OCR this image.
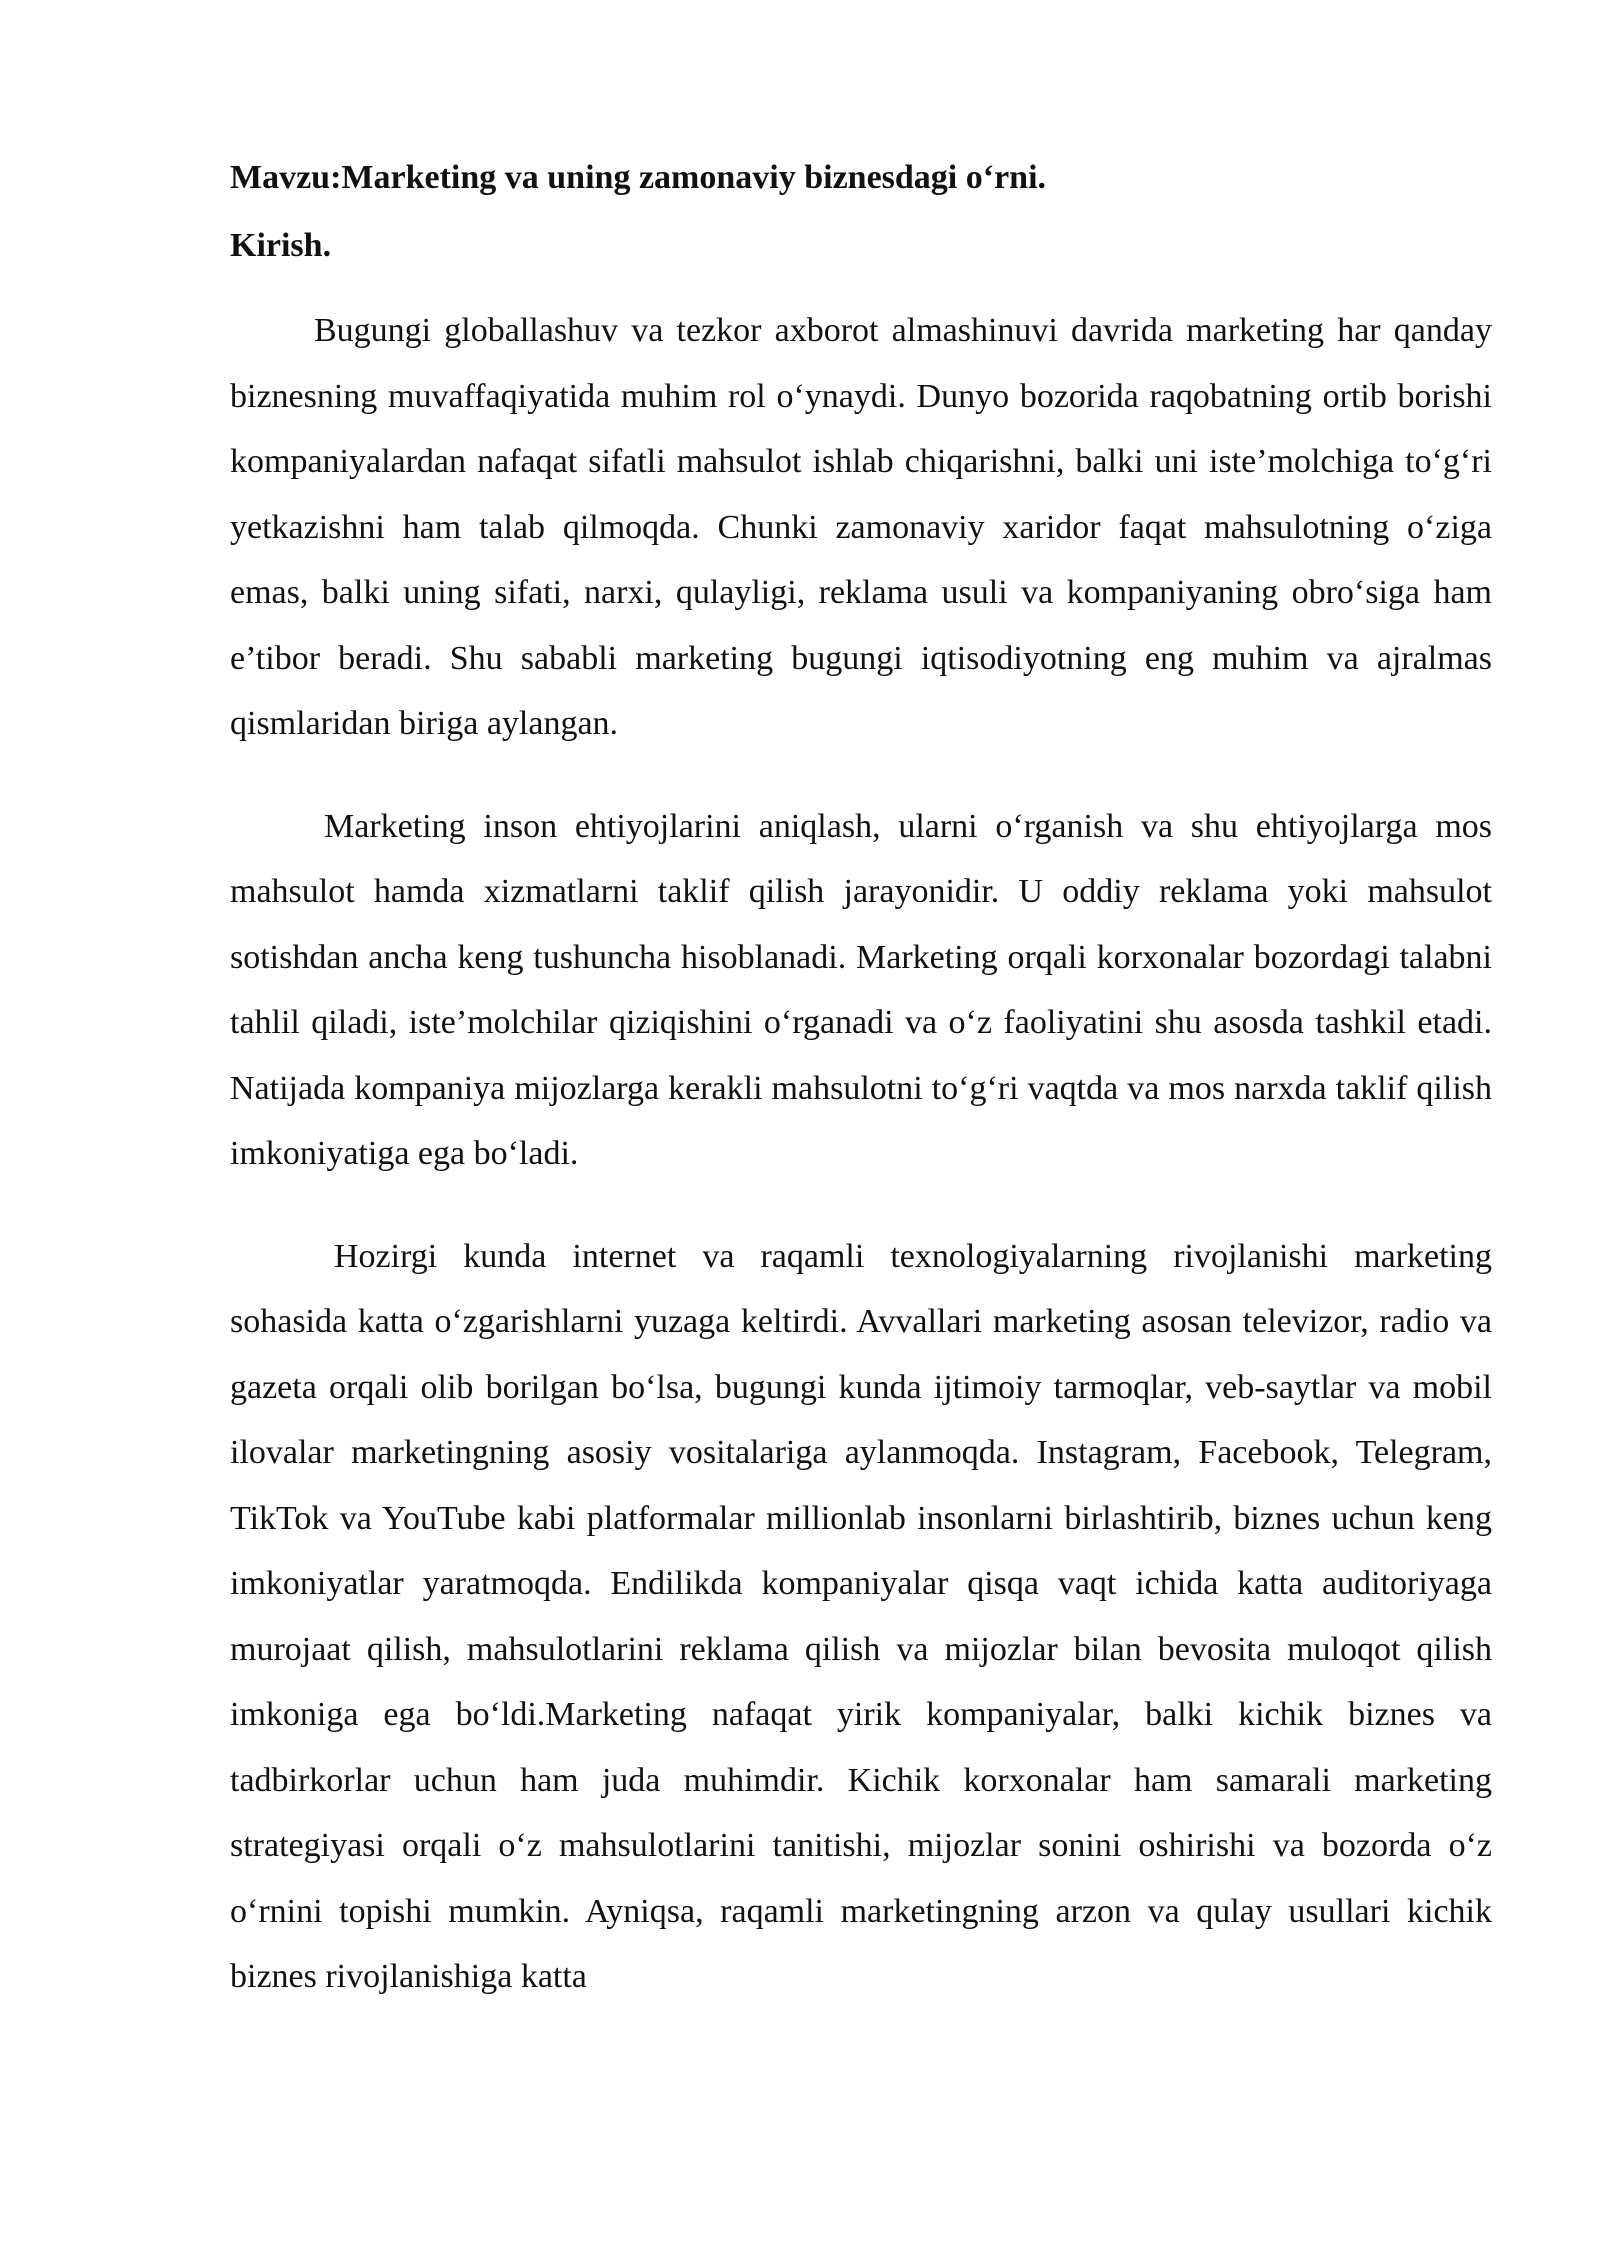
Mavzu:Marketing va uning zamonaviy biznesdagi oʻrni.

Kirish.

Bugungi globallashuv va tezkor axborot almashinuvi davrida marketing har qanday biznesning muvaffaqiyatida muhim rol oʻynaydi. Dunyo bozorida raqobatning ortib borishi kompaniyalardan nafaqat sifatli mahsulot ishlab chiqarishni, balki uni iste’molchiga toʻgʻri yetkazishni ham talab qilmoqda. Chunki zamonaviy xaridor faqat mahsulotning oʻziga emas, balki uning sifati, narxi, qulayligi, reklama usuli va kompaniyaning obroʻsiga ham e’tibor beradi. Shu sababli marketing bugungi iqtisodiyotning eng muhim va ajralmas qismlaridan biriga aylangan.

Marketing inson ehtiyojlarini aniqlash, ularni oʻrganish va shu ehtiyojlarga mos mahsulot hamda xizmatlarni taklif qilish jarayonidir. U oddiy reklama yoki mahsulot sotishdan ancha keng tushuncha hisoblanadi. Marketing orqali korxonalar bozordagi talabni tahlil qiladi, iste’molchilar qiziqishini oʻrganadi va oʻz faoliyatini shu asosda tashkil etadi. Natijada kompaniya mijozlarga kerakli mahsulotni toʻgʻri vaqtda va mos narxda taklif qilish imkoniyatiga ega boʻladi.

Hozirgi kunda internet va raqamli texnologiyalarning rivojlanishi marketing sohasida katta oʻzgarishlarni yuzaga keltirdi. Avvallari marketing asosan televizor, radio va gazeta orqali olib borilgan boʻlsa, bugungi kunda ijtimoiy tarmoqlar, veb-saytlar va mobil ilovalar marketingning asosiy vositalariga aylanmoqda. Instagram, Facebook, Telegram, TikTok va YouTube kabi platformalar millionlab insonlarni birlashtirib, biznes uchun keng imkoniyatlar yaratmoqda. Endilikda kompaniyalar qisqa vaqt ichida katta auditoriyaga murojaat qilish, mahsulotlarini reklama qilish va mijozlar bilan bevosita muloqot qilish imkoniga ega boʻldi.Marketing nafaqat yirik kompaniyalar, balki kichik biznes va tadbirkorlar uchun ham juda muhimdir. Kichik korxonalar ham samarali marketing strategiyasi orqali oʻz mahsulotlarini tanitishi, mijozlar sonini oshirishi va bozorda oʻz oʻrnini topishi mumkin. Ayniqsa, raqamli marketingning arzon va qulay usullari kichik biznes rivojlanishiga katta
